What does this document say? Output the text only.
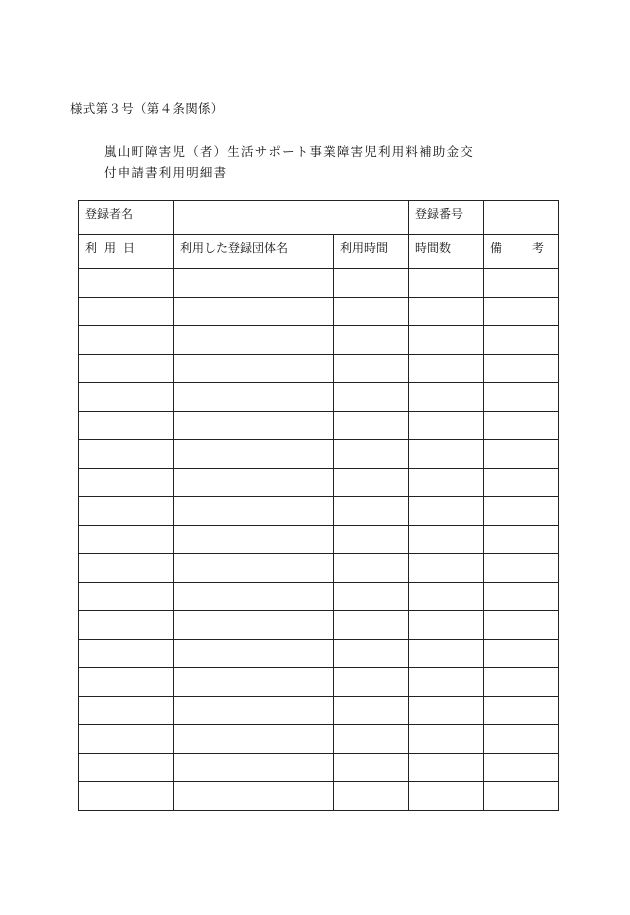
様式第３号（第４条関係）
嵐山町障害児（者）生活サポート事業障害児利用料補助金交
付申請書利用明細書
登録者名			登録番号	

利用日	利用した登録団体名	利用時間	時間数	備 考
